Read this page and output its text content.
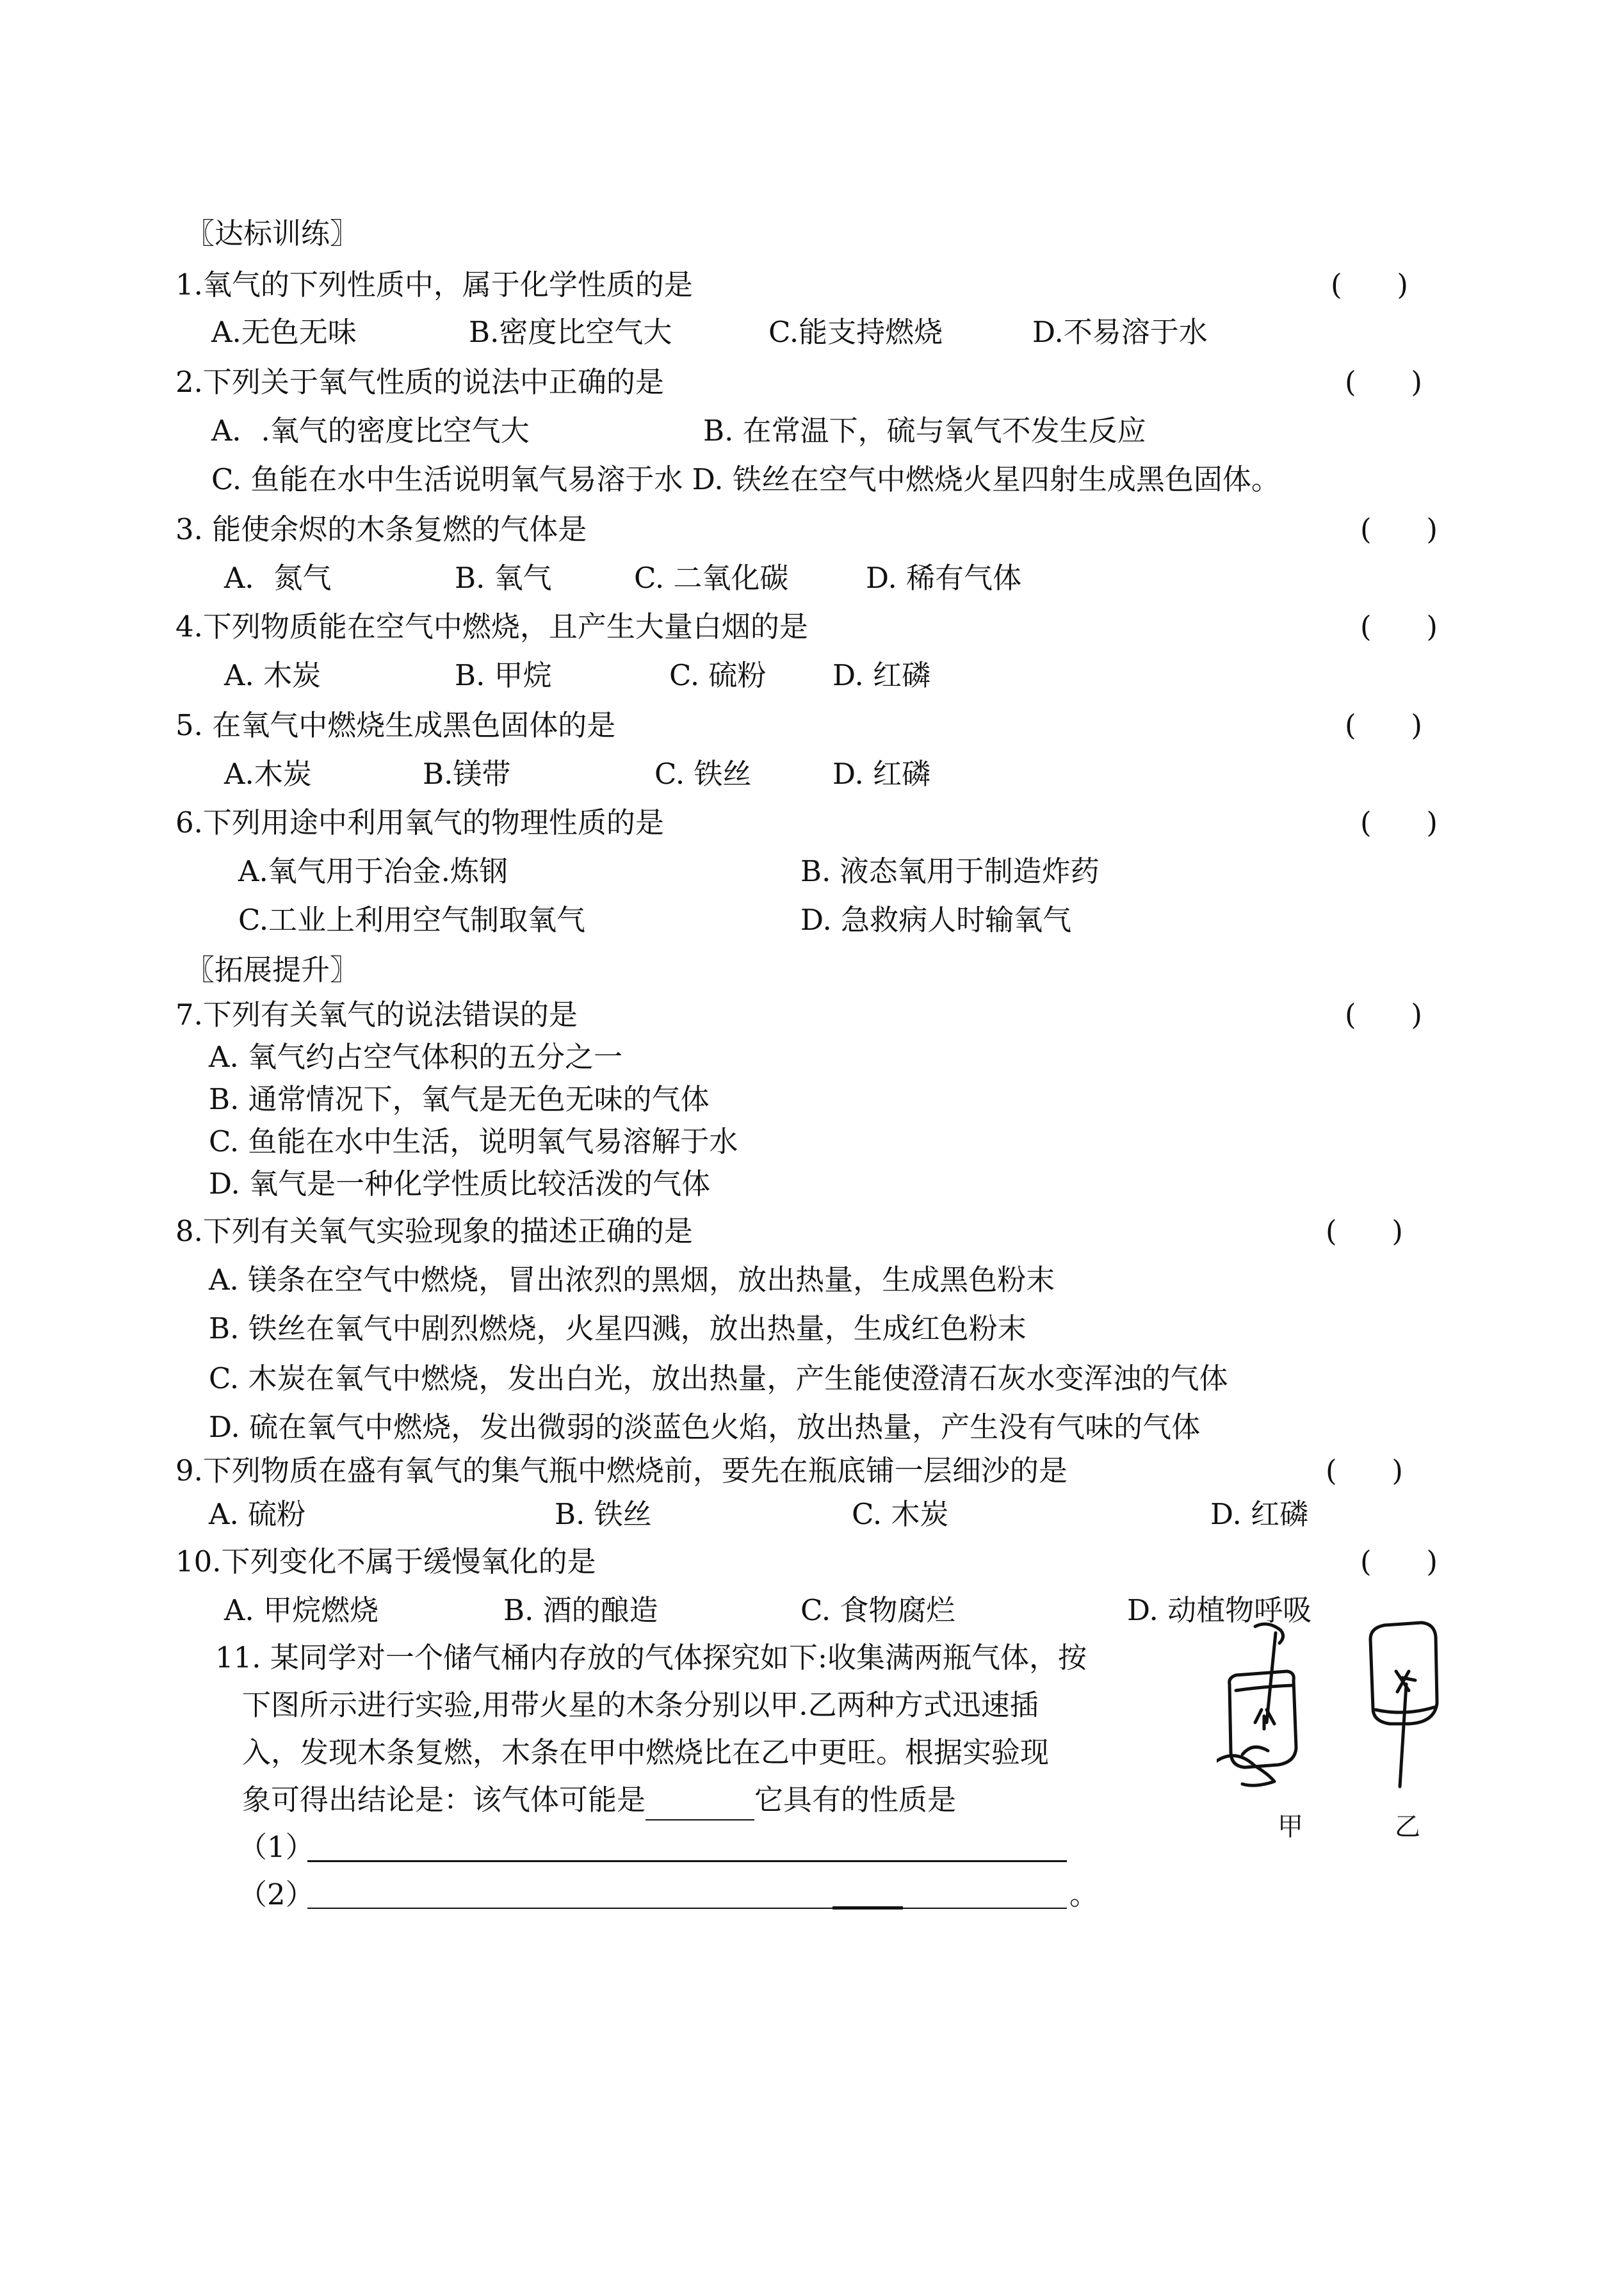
〖达标训练〗
1.氧气的下列性质中，属于化学性质的是	(      )
A.无色无味	B.密度比空气大	C.能支持燃烧	D.不易溶于水
2.下列关于氧气性质的说法中正确的是	(      )
A．.氧气的密度比空气大	B. 在常温下，硫与氧气不发生反应
C. 鱼能在水中生活说明氧气易溶于水 D. 铁丝在空气中燃烧火星四射生成黑色固体。
3. 能使余烬的木条复燃的气体是	(      )
A．氮气	B. 氧气	C. 二氧化碳	D. 稀有气体
4.下列物质能在空气中燃烧，且产生大量白烟的是	(      )
A. 木炭	B. 甲烷	C. 硫粉 D. 红磷
5. 在氧气中燃烧生成黑色固体的是	(      )
A.木炭	B.镁带	C. 铁丝	D. 红磷
6.下列用途中利用氧气的物理性质的是	(      )
A.氧气用于冶金.炼钢	B. 液态氧用于制造炸药
C.工业上利用空气制取氧气	D. 急救病人时输氧气
〖拓展提升〗
7.下列有关氧气的说法错误的是	(      )
A. 氧气约占空气体积的五分之一
B. 通常情况下，氧气是无色无味的气体
C. 鱼能在水中生活，说明氧气易溶解于水
D. 氧气是一种化学性质比较活泼的气体
8.下列有关氧气实验现象的描述正确的是	(      )
A. 镁条在空气中燃烧，冒出浓烈的黑烟，放出热量，生成黑色粉末
B. 铁丝在氧气中剧烈燃烧，火星四溅，放出热量，生成红色粉末
C. 木炭在氧气中燃烧，发出白光，放出热量，产生能使澄清石灰水变浑浊的气体
D. 硫在氧气中燃烧，发出微弱的淡蓝色火焰，放出热量，产生没有气味的气体
9.下列物质在盛有氧气的集气瓶中燃烧前，要先在瓶底铺一层细沙的是	(      )
A. 硫粉	B. 铁丝	C. 木炭	D. 红磷
10.下列变化不属于缓慢氧化的是	(      )
A. 甲烷燃烧	B. 酒的酿造	C. 食物腐烂	D. 动植物呼吸
11. 某同学对一个储气桶内存放的气体探究如下:收集满两瓶气体，按
下图所示进行实验,用带火星的木条分别以甲.乙两种方式迅速插
入，发现木条复燃，木条在甲中燃烧比在乙中更旺。根据实验现
象可得出结论是：该气体可能是	它具有的性质是
（1）
（2）	。
甲	乙
